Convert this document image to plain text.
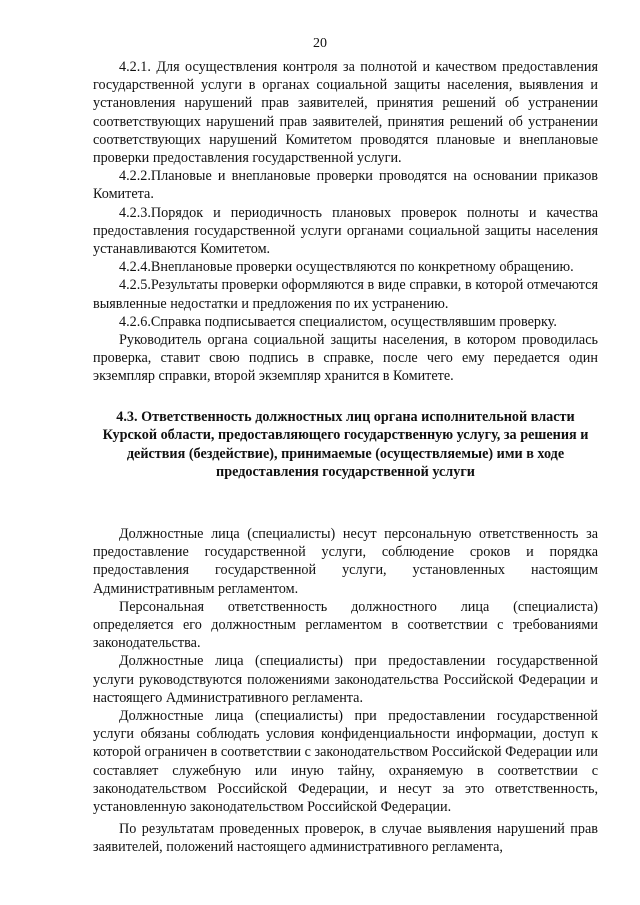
20

4.2.1. Для осуществления контроля за полнотой и качеством предоставления государственной услуги в органах социальной защиты населения, выявления и установления нарушений прав заявителей, принятия решений об устранении соответствующих нарушений прав заявителей, принятия решений об устранении соответствующих нарушений Комитетом проводятся плановые и внеплановые проверки предоставления государственной услуги.

4.2.2.Плановые и внеплановые проверки проводятся на основании приказов Комитета.

4.2.3.Порядок и периодичность плановых проверок полноты и качества предоставления государственной услуги органами социальной защиты населения устанавливаются Комитетом.

4.2.4.Внеплановые проверки осуществляются по конкретному обращению.

4.2.5.Результаты проверки оформляются в виде справки, в которой отмечаются выявленные недостатки и предложения по их устранению.

4.2.6.Справка подписывается специалистом, осуществлявшим проверку.

Руководитель органа социальной защиты населения, в котором проводилась проверка, ставит свою подпись в справке, после чего ему передается один экземпляр справки, второй экземпляр хранится в Комитете.

4.3. Ответственность должностных лиц органа исполнительной власти Курской области, предоставляющего государственную услугу, за решения и действия (бездействие), принимаемые (осуществляемые) ими в ходе предоставления государственной услуги

Должностные лица (специалисты) несут персональную ответственность за предоставление государственной услуги, соблюдение сроков и порядка предоставления государственной услуги, установленных настоящим Административным регламентом.

Персональная ответственность должностного лица (специалиста) определяется его должностным регламентом в соответствии с требованиями законодательства.

Должностные лица (специалисты) при предоставлении государственной услуги руководствуются положениями законодательства Российской Федерации и настоящего Административного регламента.

Должностные лица (специалисты) при предоставлении государственной услуги обязаны соблюдать условия конфиденциальности информации, доступ к которой ограничен в соответствии с законодательством Российской Федерации или составляет служебную или иную тайну, охраняемую в соответствии с законодательством Российской Федерации, и несут за это ответственность, установленную законодательством Российской Федерации.

По результатам проведенных проверок, в случае выявления нарушений прав заявителей, положений настоящего административного регламента,
